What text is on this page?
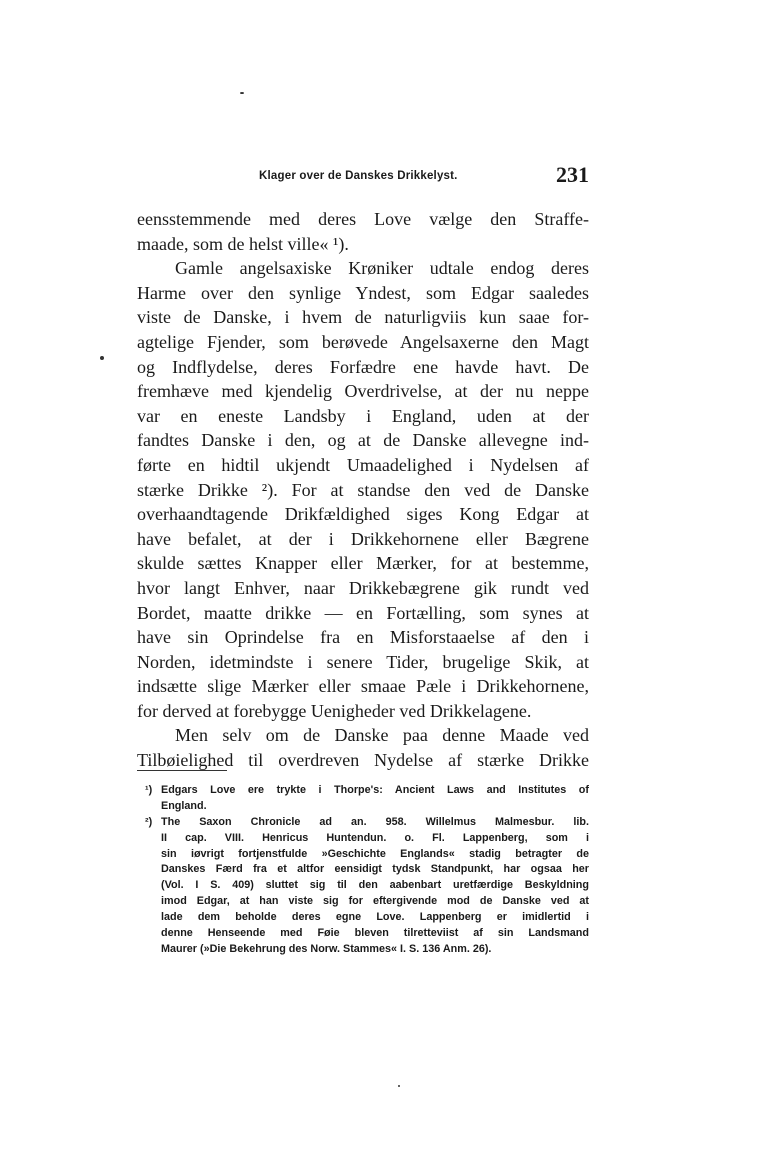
Klager over de Danskes Drikkelyst.	231
eensstemmende med deres Love vælge den Straffe-
maade, som de helst ville« ¹).
Gamle angelsaxiske Krøniker udtale endog deres
Harme over den synlige Yndest, som Edgar saaledes
viste de Danske, i hvem de naturligviis kun saae for-
agtelige Fjender, som berøvede Angelsaxerne den Magt
og Indflydelse, deres Forfædre ene havde havt. De
fremhæve med kjendelig Overdrivelse, at der nu neppe
var en eneste Landsby i England, uden at der
fandtes Danske i den, og at de Danske allevegne ind-
førte en hidtil ukjendt Umaadelighed i Nydelsen af
stærke Drikke ²). For at standse den ved de Danske
overhaandtagende Drikfældighed siges Kong Edgar at
have befalet, at der i Drikkehornene eller Bægrene
skulde sættes Knapper eller Mærker, for at bestemme,
hvor langt Enhver, naar Drikkebægrene gik rundt ved
Bordet, maatte drikke — en Fortælling, som synes at
have sin Oprindelse fra en Misforstaaelse af den i
Norden, idetmindste i senere Tider, brugelige Skik, at
indsætte slige Mærker eller smaae Pæle i Drikkehornene,
for derved at forebygge Uenigheder ved Drikkelagene.
Men selv om de Danske paa denne Maade ved
Tilbøielighed til overdreven Nydelse af stærke Drikke
¹) Edgars Love ere trykte i Thorpe's: Ancient Laws and Institutes of
England.
²) The Saxon Chronicle ad an. 958. Willelmus Malmesbur. lib.
II cap. VIII. Henricus Huntendun. o. Fl. Lappenberg, som i
sin iøvrigt fortjenstfulde »Geschichte Englands« stadig betragter de
Danskes Færd fra et altfor eensidigt tydsk Standpunkt, har ogsaa her
(Vol. I S. 409) sluttet sig til den aabenbart uretfærdige Beskyldning
imod Edgar, at han viste sig for eftergivende mod de Danske ved at
lade dem beholde deres egne Love. Lappenberg er imidlertid i
denne Henseende med Føie bleven tilretteviist af sin Landsmand
Maurer (»Die Bekehrung des Norw. Stammes« I. S. 136 Anm. 26).
